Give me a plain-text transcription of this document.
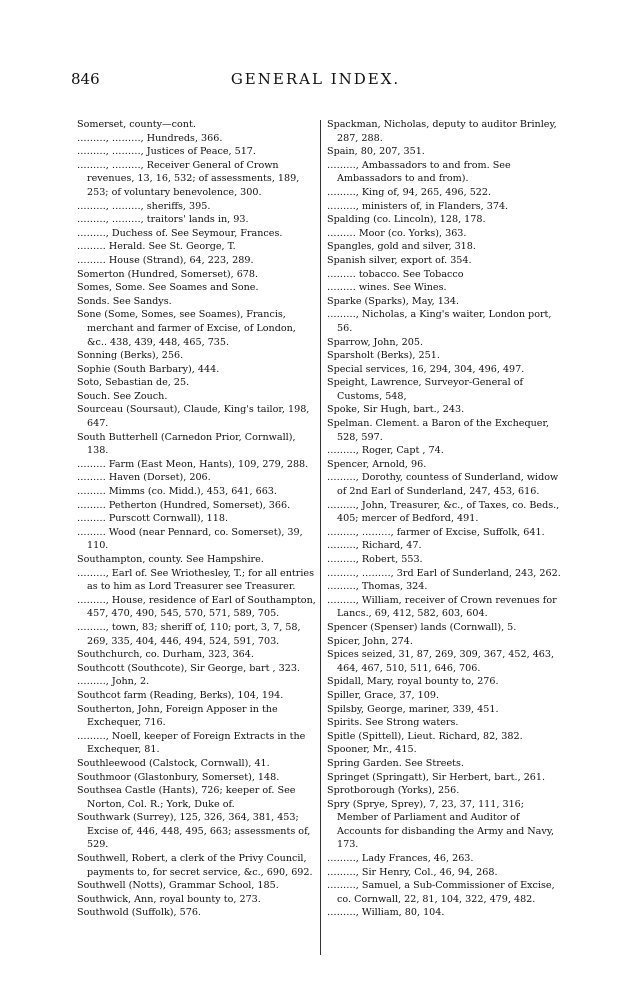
846	GENERAL INDEX.
Somerset, county—cont.
………, ………, Hundreds, 366.
………, ………, Justices of Peace, 517.
………, ………, Receiver General of Crown revenues, 13, 16, 532; of assessments, 189, 253; of voluntary benevolence, 300.
………, ………, sheriffs, 395.
………, ………, traitors' lands in, 93.
………, Duchess of. See Seymour, Frances.
……… Herald. See St. George, T.
……… House (Strand), 64, 223, 289.
Somerton (Hundred, Somerset), 678.
Somes, Some. See Soames and Sone.
Sonds. See Sandys.
Sone (Some, Somes, see Soames), Francis, merchant and farmer of Excise, of London, &c.. 438, 439, 448, 465, 735.
Sonning (Berks), 256.
Sophie (South Barbary), 444.
Soto, Sebastian de, 25.
Souch. See Zouch.
Sourceau (Soursaut), Claude, King's tailor, 198, 647.
South Butterhell (Carnedon Prior, Cornwall), 138.
……… Farm (East Meon, Hants), 109, 279, 288.
……… Haven (Dorset), 206.
……… Mimms (co. Midd.), 453, 641, 663.
……… Petherton (Hundred, Somerset), 366.
……… Purscott Cornwall), 118.
……… Wood (near Pennard, co. Somerset), 39, 110.
Southampton, county. See Hampshire.
………, Earl of. See Wriothesley, T.; for all entries as to him as Lord Treasurer see Treasurer.
………, House, residence of Earl of Southampton, 457, 470, 490, 545, 570, 571, 589, 705.
………, town, 83; sheriff of, 110; port, 3, 7, 58, 269, 335, 404, 446, 494, 524, 591, 703.
Southchurch, co. Durham, 323, 364.
Southcott (Southcote), Sir George, bart , 323.
………, John, 2.
Southcot farm (Reading, Berks), 104, 194.
Southerton, John, Foreign Apposer in the Exchequer, 716.
………, Noell, keeper of Foreign Extracts in the Exchequer, 81.
Southleewood (Calstock, Cornwall), 41.
Southmoor (Glastonbury, Somerset), 148.
Southsea Castle (Hants), 726; keeper of. See Norton, Col. R.; York, Duke of.
Southwark (Surrey), 125, 326, 364, 381, 453; Excise of, 446, 448, 495, 663; assessments of, 529.
Southwell, Robert, a clerk of the Privy Council, payments to, for secret service, &c., 690, 692.
Southwell (Notts), Grammar School, 185.
Southwick, Ann, royal bounty to, 273.
Southwold (Suffolk), 576.
Spackman, Nicholas, deputy to auditor Brinley, 287, 288.
Spain, 80, 207, 351.
………, Ambassadors to and from. See Ambassadors to and from).
………, King of, 94, 265, 496, 522.
………, ministers of, in Flanders, 374.
Spalding (co. Lincoln), 128, 178.
……… Moor (co. Yorks), 363.
Spangles, gold and silver, 318.
Spanish silver, export of. 354.
……… tobacco. See Tobacco
……… wines. See Wines.
Sparke (Sparks), May, 134.
………, Nicholas, a King's waiter, London port, 56.
Sparrow, John, 205.
Sparsholt (Berks), 251.
Special services, 16, 294, 304, 496, 497.
Speight, Lawrence, Surveyor-General of Customs, 548,
Spoke, Sir Hugh, bart., 243.
Spelman. Clement. a Baron of the Exchequer, 528, 597.
………, Roger, Capt , 74.
Spencer, Arnold, 96.
………, Dorothy, countess of Sunderland, widow of 2nd Earl of Sunderland, 247, 453, 616.
………, John, Treasurer, &c., of Taxes, co. Beds., 405; mercer of Bedford, 491.
………, ………, farmer of Excise, Suffolk, 641.
………, Richard, 47.
………, Robert, 553.
………, ………, 3rd Earl of Sunderland, 243, 262.
………, Thomas, 324.
………, William, receiver of Crown revenues for Lancs., 69, 412, 582, 603, 604.
Spencer (Spenser) lands (Cornwall), 5.
Spicer, John, 274.
Spices seized, 31, 87, 269, 309, 367, 452, 463, 464, 467, 510, 511, 646, 706.
Spidall, Mary, royal bounty to, 276.
Spiller, Grace, 37, 109.
Spilsby, George, mariner, 339, 451.
Spirits. See Strong waters.
Spitle (Spittell), Lieut. Richard, 82, 382.
Spooner, Mr., 415.
Spring Garden. See Streets.
Springet (Springatt), Sir Herbert, bart., 261.
Sprotborough (Yorks), 256.
Spry (Sprye, Sprey), 7, 23, 37, 111, 316; Member of Parliament and Auditor of Accounts for disbanding the Army and Navy, 173.
………, Lady Frances, 46, 263.
………, Sir Henry, Col., 46, 94, 268.
………, Samuel, a Sub-Commissioner of Excise, co. Cornwall, 22, 81, 104, 322, 479, 482.
………, William, 80, 104.
